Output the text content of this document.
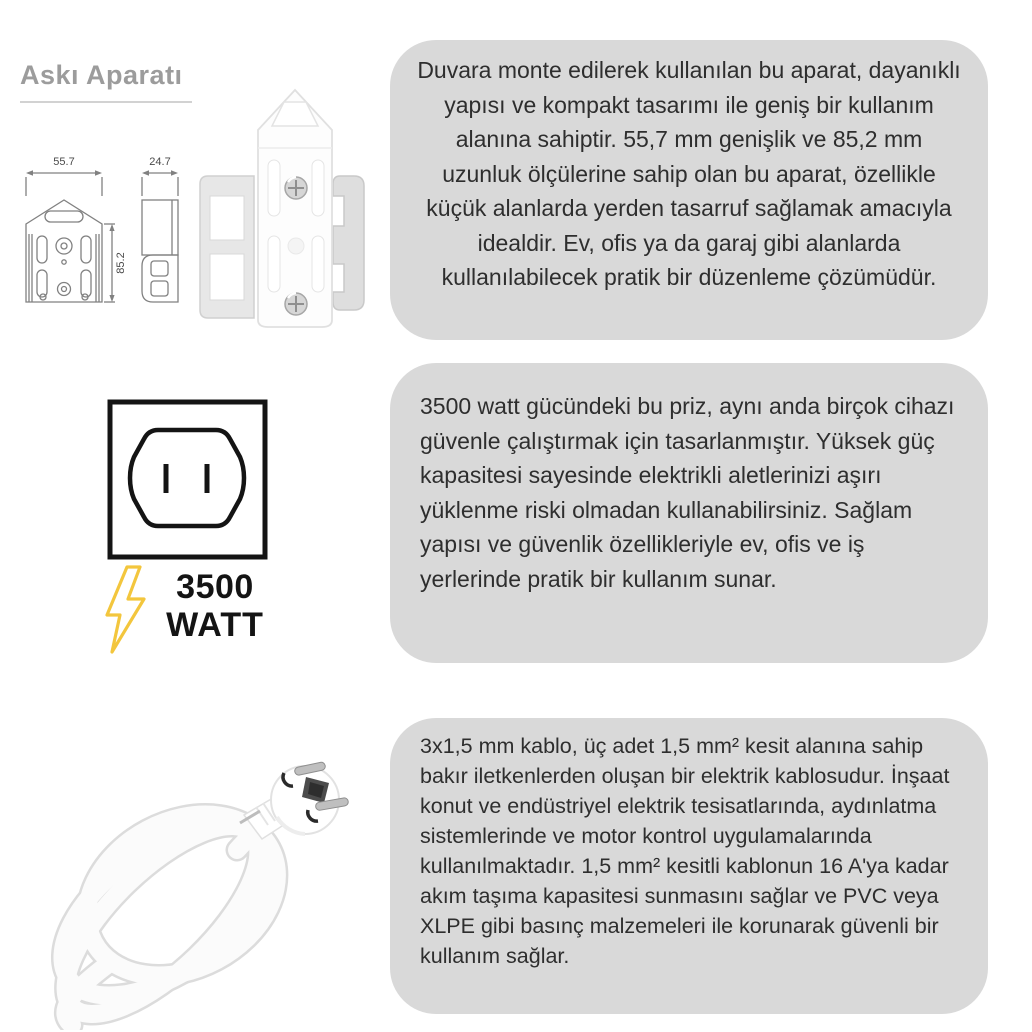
Askı Aparatı
55.7	24.7
85.2

Duvara monte edilerek kullanılan bu aparat, dayanıklı yapısı ve kompakt tasarımı ile geniş bir kullanım alanına sahiptir. 55,7 mm genişlik ve 85,2 mm uzunluk ölçülerine sahip olan bu aparat, özellikle küçük alanlarda yerden tasarruf sağlamak amacıyla idealdir. Ev, ofis ya da garaj gibi alanlarda kullanılabilecek pratik bir düzenleme çözümüdür.

3500
WATT

3500 watt gücündeki bu priz, aynı anda birçok cihazı güvenle çalıştırmak için tasarlanmıştır. Yüksek güç kapasitesi sayesinde elektrikli aletlerinizi aşırı yüklenme riski olmadan kullanabilirsiniz. Sağlam yapısı ve güvenlik özellikleriyle ev, ofis ve iş yerlerinde pratik bir kullanım sunar.

3x1,5 mm kablo, üç adet 1,5 mm² kesit alanına sahip bakır iletkenlerden oluşan bir elektrik kablosudur. İnşaat konut ve endüstriyel elektrik tesisatlarında, aydınlatma sistemlerinde ve motor kontrol uygulamalarında kullanılmaktadır. 1,5 mm² kesitli kablonun 16 A'ya kadar akım taşıma kapasitesi sunmasını sağlar ve PVC veya XLPE gibi basınç malzemeleri ile korunarak güvenli bir kullanım sağlar.
